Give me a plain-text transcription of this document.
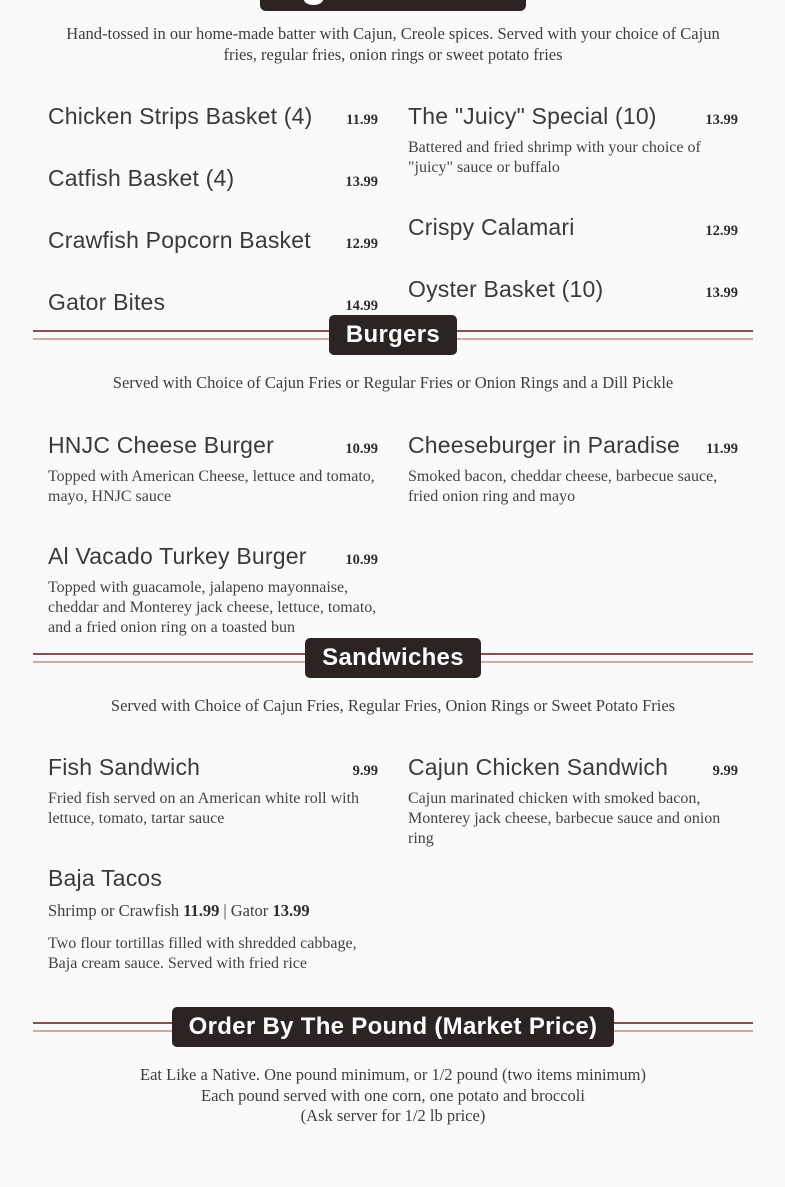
Hand-tossed in our home-made batter with Cajun, Creole spices. Served with your choice of Cajun fries, regular fries, onion rings or sweet potato fries
Chicken Strips Basket (4)	11.99
Catfish Basket (4)	13.99
Crawfish Popcorn Basket	12.99
Gator Bites	14.99
The "Juicy" Special (10)	13.99
Battered and fried shrimp with your choice of "juicy" sauce or buffalo
Crispy Calamari	12.99
Oyster Basket (10)	13.99
Burgers
Served with Choice of Cajun Fries or Regular Fries or Onion Rings and a Dill Pickle
HNJC Cheese Burger	10.99
Topped with American Cheese, lettuce and tomato, mayo, HNJC sauce
Al Vacado Turkey Burger	10.99
Topped with guacamole, jalapeno mayonnaise, cheddar and Monterey jack cheese, lettuce, tomato, and a fried onion ring on a toasted bun
Cheeseburger in Paradise	11.99
Smoked bacon, cheddar cheese, barbecue sauce, fried onion ring and mayo
Sandwiches
Served with Choice of Cajun Fries, Regular Fries, Onion Rings or Sweet Potato Fries
Fish Sandwich	9.99
Fried fish served on an American white roll with lettuce, tomato, tartar sauce
Baja Tacos
Shrimp or Crawfish 11.99 | Gator 13.99
Two flour tortillas filled with shredded cabbage, Baja cream sauce. Served with fried rice
Cajun Chicken Sandwich	9.99
Cajun marinated chicken with smoked bacon, Monterey jack cheese, barbecue sauce and onion ring
Order By The Pound (Market Price)
Eat Like a Native. One pound minimum, or 1/2 pound (two items minimum)
Each pound served with one corn, one potato and broccoli
(Ask server for 1/2 lb price)
